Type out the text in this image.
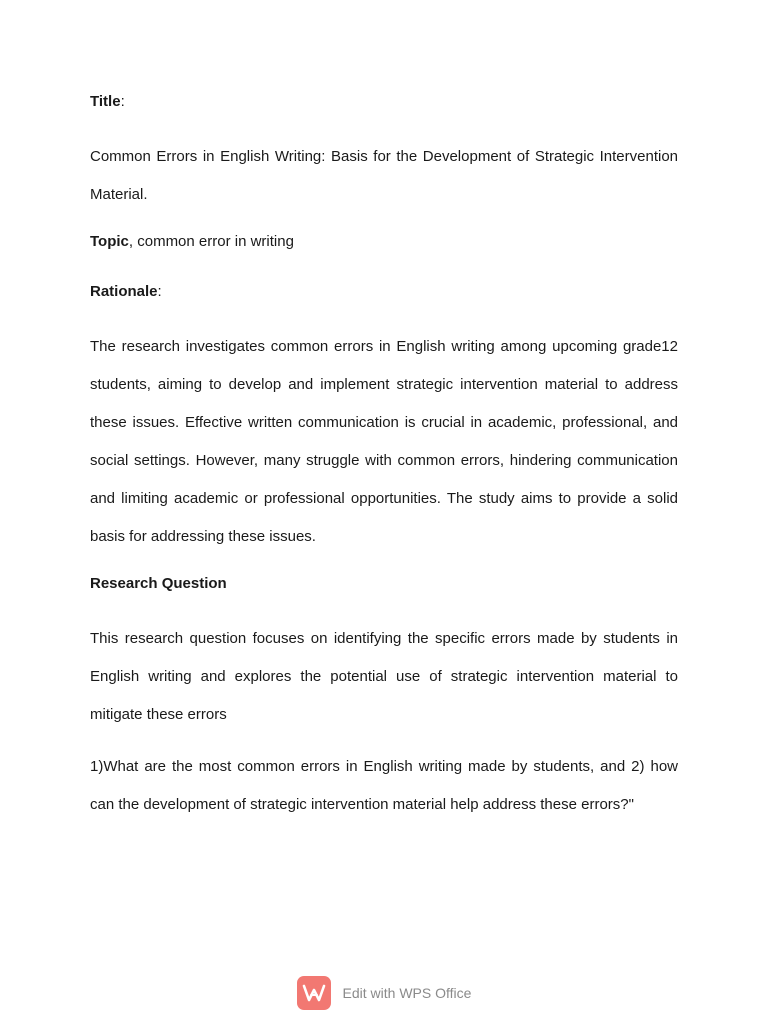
Title:

Common Errors in English Writing: Basis for the Development of Strategic Intervention

Material.

Topic, common error in writing

Rationale:

The research investigates common errors in English writing among upcoming grade12

students, aiming to develop and implement strategic intervention material to address

these issues. Effective written communication is crucial in academic, professional, and

social settings. However, many struggle with common errors, hindering communication

and limiting academic or professional opportunities. The study aims to provide a solid

basis for addressing these issues.

Research Question

This research question focuses on identifying the specific errors made by students in

English writing and explores the potential use of strategic intervention material to

mitigate these errors

1)What are the most common errors in English writing made by students, and 2) how

can the development of strategic intervention material help address these errors?"

Edit with WPS Office
